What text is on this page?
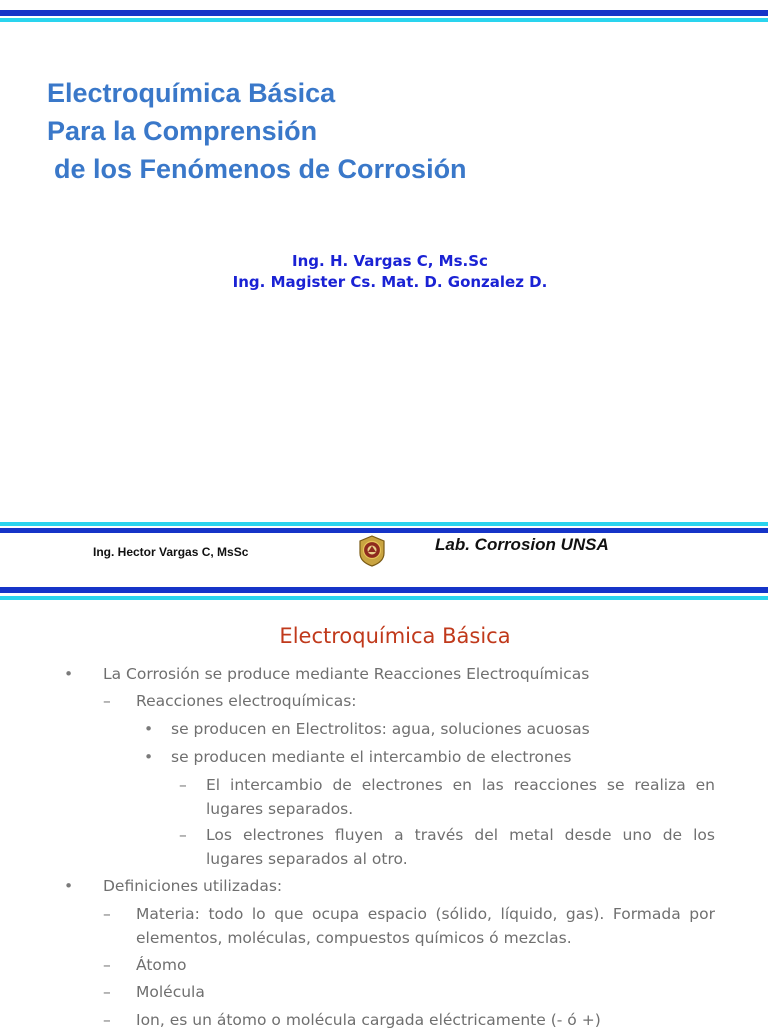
Electroquímica Básica
Para la Comprensión
de los Fenómenos de Corrosión
Ing. H. Vargas C, Ms.Sc
Ing. Magister Cs. Mat. D. Gonzalez D.
Ing. Hector Vargas C, MsSc	Lab. Corrosion UNSA
Electroquímica Básica
• La Corrosión se produce mediante Reacciones Electroquímicas
– Reacciones electroquímicas:
• se producen en Electrolitos: agua, soluciones acuosas
• se producen mediante el intercambio de electrones
– El intercambio de electrones en las reacciones se realiza en lugares separados.
– Los electrones fluyen a través del metal desde uno de los lugares separados al otro.
• Definiciones utilizadas:
– Materia: todo lo que ocupa espacio (sólido, líquido, gas). Formada por elementos, moléculas, compuestos químicos ó mezclas.
– Átomo
– Molécula
– Ion, es un átomo o molécula cargada eléctricamente (- ó +)
